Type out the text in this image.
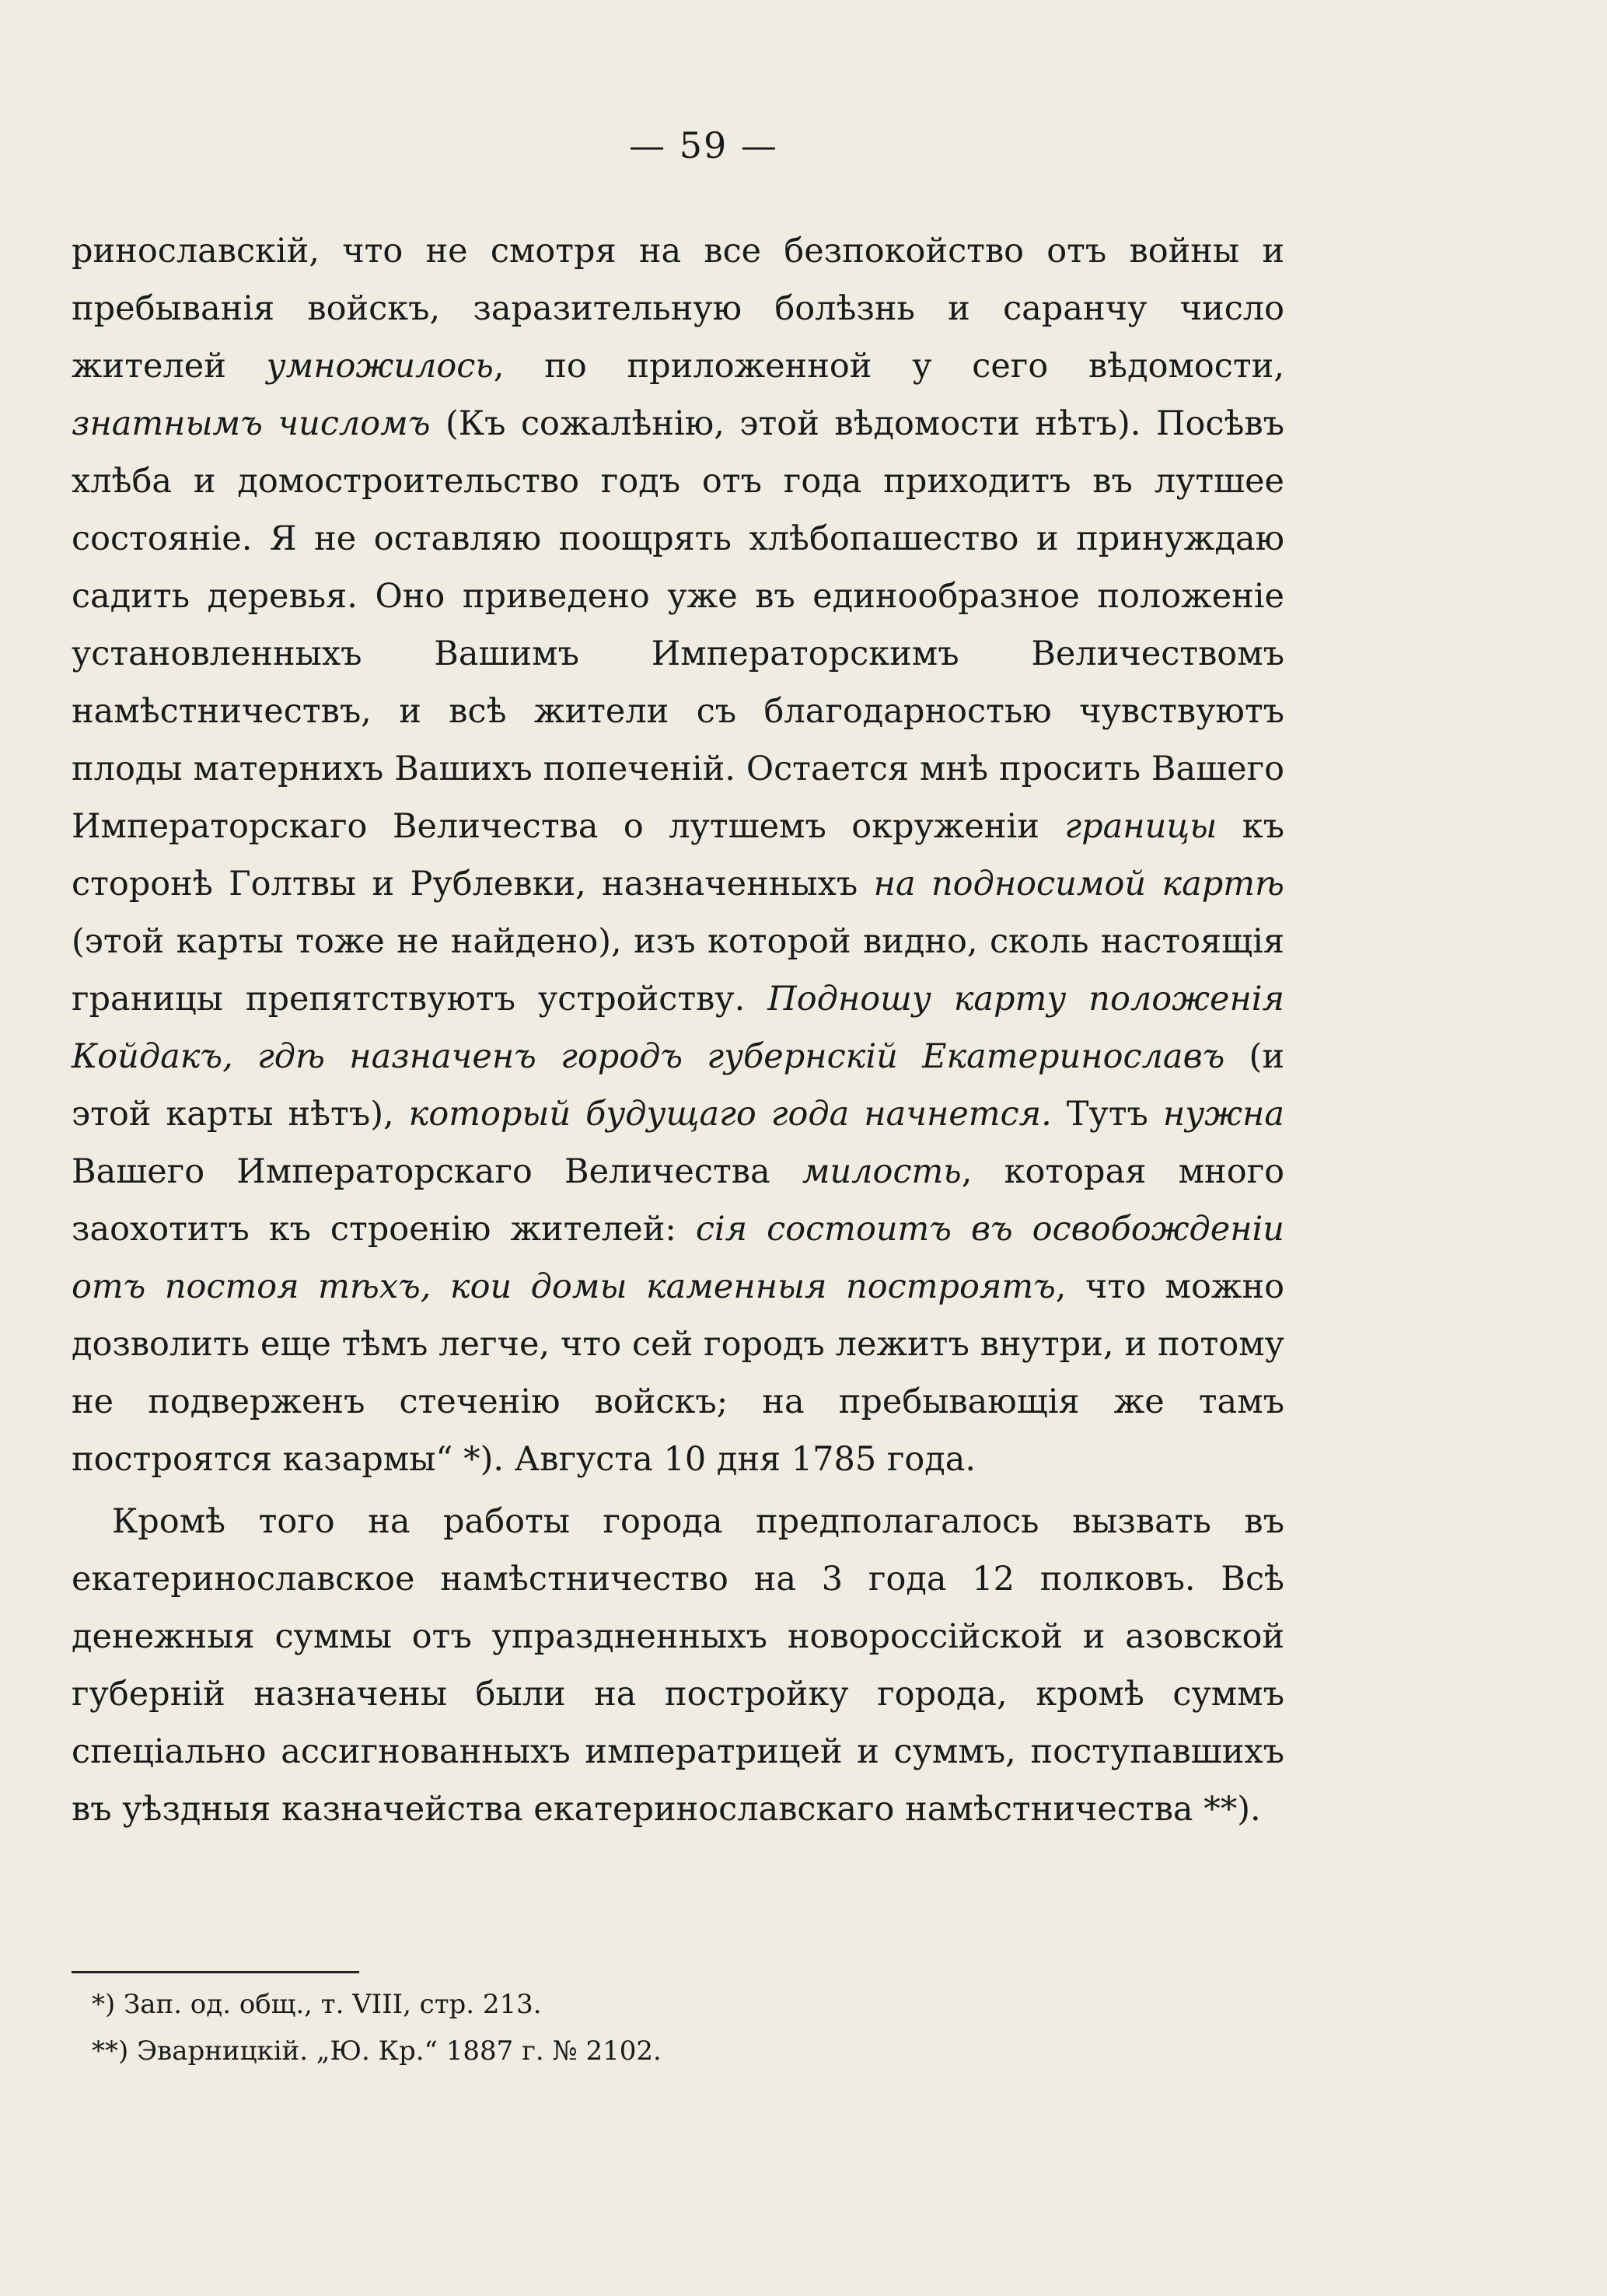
— 59 —

ринославскій, что не смотря на все безпокойство отъ войны и пребыванія войскъ, заразительную болѣзнь и саранчу число жителей умножилось, по приложенной у сего вѣдомости, знатнымъ числомъ (Къ сожалѣнію, этой вѣдомости нѣтъ). Посѣвъ хлѣба и домостроительство годъ отъ года приходитъ въ лутшее состояніе. Я не оставляю поощрять хлѣбопашество и принуждаю садить деревья. Оно приведено уже въ единообразное положеніе установленныхъ Вашимъ Императорскимъ Величествомъ намѣстничествъ, и всѣ жители съ благодарностью чувствуютъ плоды матернихъ Вашихъ попеченій. Остается мнѣ просить Вашего Императорскаго Величества о лутшемъ окруженіи границы къ сторонѣ Голтвы и Рублевки, назначенныхъ на подносимой картѣ (этой карты тоже не найдено), изъ которой видно, сколь настоящія границы препятствуютъ устройству. Подношу карту положенія Койдакъ, гдѣ назначенъ городъ губернскій Екатеринославъ (и этой карты нѣтъ), который будущаго года начнется. Тутъ нужна Вашего Императорскаго Величества милость, которая много заохотитъ къ строенію жителей: сія состоитъ въ освобожденіи отъ постоя тѣхъ, кои домы каменныя построятъ, что можно дозволить еще тѣмъ легче, что сей городъ лежитъ внутри, и потому не подверженъ стеченію войскъ; на пребывающія же тамъ построятся казармы“ *). Августа 10 дня 1785 года.

Кромѣ того на работы города предполагалось вызвать въ екатеринославское намѣстничество на 3 года 12 полковъ. Всѣ денежныя суммы отъ упраздненныхъ новороссійской и азовской губерній назначены были на постройку города, кромѣ суммъ спеціально ассигнованныхъ императрицей и суммъ, поступавшихъ въ уѣздныя казначейства екатеринославскаго намѣстничества **).

*) Зап. од. общ., т. VIII, стр. 213.
**) Эварницкій. „Ю. Кр.“ 1887 г. № 2102.
